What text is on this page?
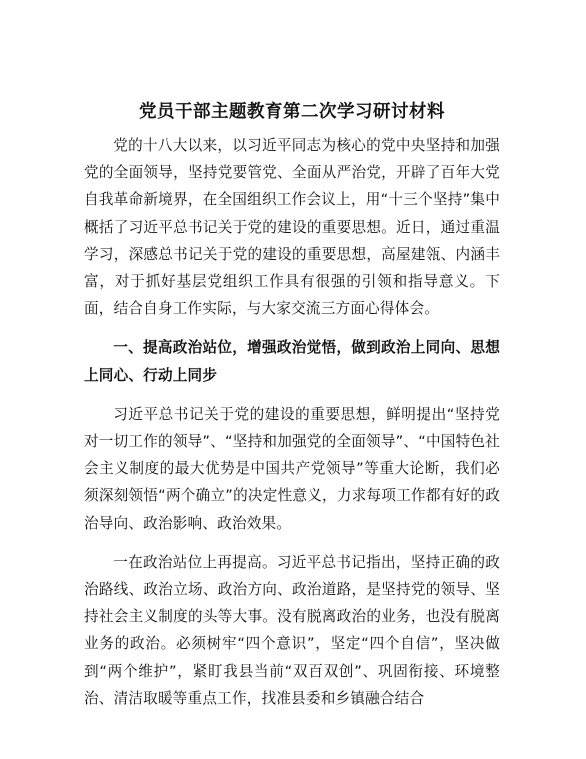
党员干部主题教育第二次学习研讨材料

党的十八大以来，以习近平同志为核心的党中央坚持和加强党的全面领导，坚持党要管党、全面从严治党，开辟了百年大党自我革命新境界，在全国组织工作会议上，用“十三个坚持”集中概括了习近平总书记关于党的建设的重要思想。近日，通过重温学习，深感总书记关于党的建设的重要思想，高屋建瓴、内涵丰富，对于抓好基层党组织工作具有很强的引领和指导意义。下面，结合自身工作实际，与大家交流三方面心得体会。

一、提高政治站位，增强政治觉悟，做到政治上同向、思想上同心、行动上同步

习近平总书记关于党的建设的重要思想，鲜明提出“坚持党对一切工作的领导”、“坚持和加强党的全面领导”、“中国特色社会主义制度的最大优势是中国共产党领导”等重大论断，我们必须深刻领悟“两个确立”的决定性意义，力求每项工作都有好的政治导向、政治影响、政治效果。

一在政治站位上再提高。习近平总书记指出，坚持正确的政治路线、政治立场、政治方向、政治道路，是坚持党的领导、坚持社会主义制度的头等大事。没有脱离政治的业务，也没有脱离业务的政治。必须树牢“四个意识”，坚定“四个自信”，坚决做到“两个维护”，紧盯我县当前“双百双创”、巩固衔接、环境整治、清洁取暖等重点工作，找准县委和乡镇融合结合
